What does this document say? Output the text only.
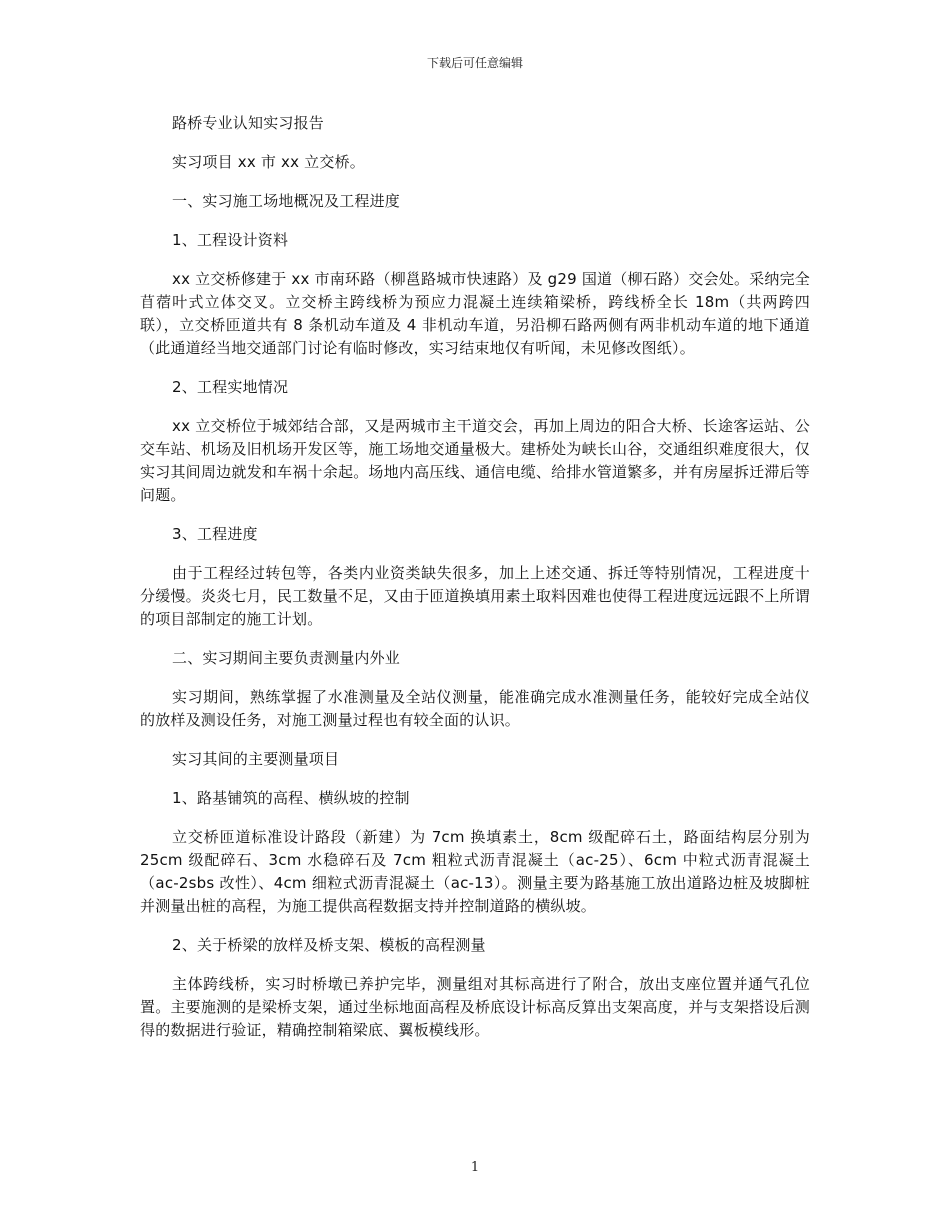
下载后可任意编辑

路桥专业认知实习报告

实习项目 xx 市 xx 立交桥。

一、实习施工场地概况及工程进度

1、工程设计资料

xx 立交桥修建于 xx 市南环路（柳邕路城市快速路）及 g29 国道（柳石路）交会处。采纳完全苜蓿叶式立体交叉。立交桥主跨线桥为预应力混凝土连续箱梁桥，跨线桥全长 18m（共两跨四联），立交桥匝道共有 8 条机动车道及 4 非机动车道，另沿柳石路两侧有两非机动车道的地下通道（此通道经当地交通部门讨论有临时修改，实习结束地仅有听闻，未见修改图纸）。

2、工程实地情况

xx 立交桥位于城郊结合部，又是两城市主干道交会，再加上周边的阳合大桥、长途客运站、公交车站、机场及旧机场开发区等，施工场地交通量极大。建桥处为峡长山谷，交通组织难度很大，仅实习其间周边就发和车祸十余起。场地内高压线、通信电缆、给排水管道繁多，并有房屋拆迁滞后等问题。

3、工程进度

由于工程经过转包等，各类内业资类缺失很多，加上上述交通、拆迁等特别情况，工程进度十分缓慢。炎炎七月，民工数量不足，又由于匝道换填用素土取料因难也使得工程进度远远跟不上所谓的项目部制定的施工计划。

二、实习期间主要负责测量内外业

实习期间，熟练掌握了水准测量及全站仪测量，能准确完成水准测量任务，能较好完成全站仪的放样及测设任务，对施工测量过程也有较全面的认识。

实习其间的主要测量项目

1、路基铺筑的高程、横纵坡的控制

立交桥匝道标准设计路段（新建）为 7cm 换填素土，8cm 级配碎石土，路面结构层分别为 25cm 级配碎石、3cm 水稳碎石及 7cm 粗粒式沥青混凝土（ac-25）、6cm 中粒式沥青混凝土（ac-2sbs 改性）、4cm 细粒式沥青混凝土（ac-13）。测量主要为路基施工放出道路边桩及坡脚桩并测量出桩的高程，为施工提供高程数据支持并控制道路的横纵坡。

2、关于桥梁的放样及桥支架、模板的高程测量

主体跨线桥，实习时桥墩已养护完毕，测量组对其标高进行了附合，放出支座位置并通气孔位置。主要施测的是梁桥支架，通过坐标地面高程及桥底设计标高反算出支架高度，并与支架搭设后测得的数据进行验证，精确控制箱梁底、翼板模线形。

1
